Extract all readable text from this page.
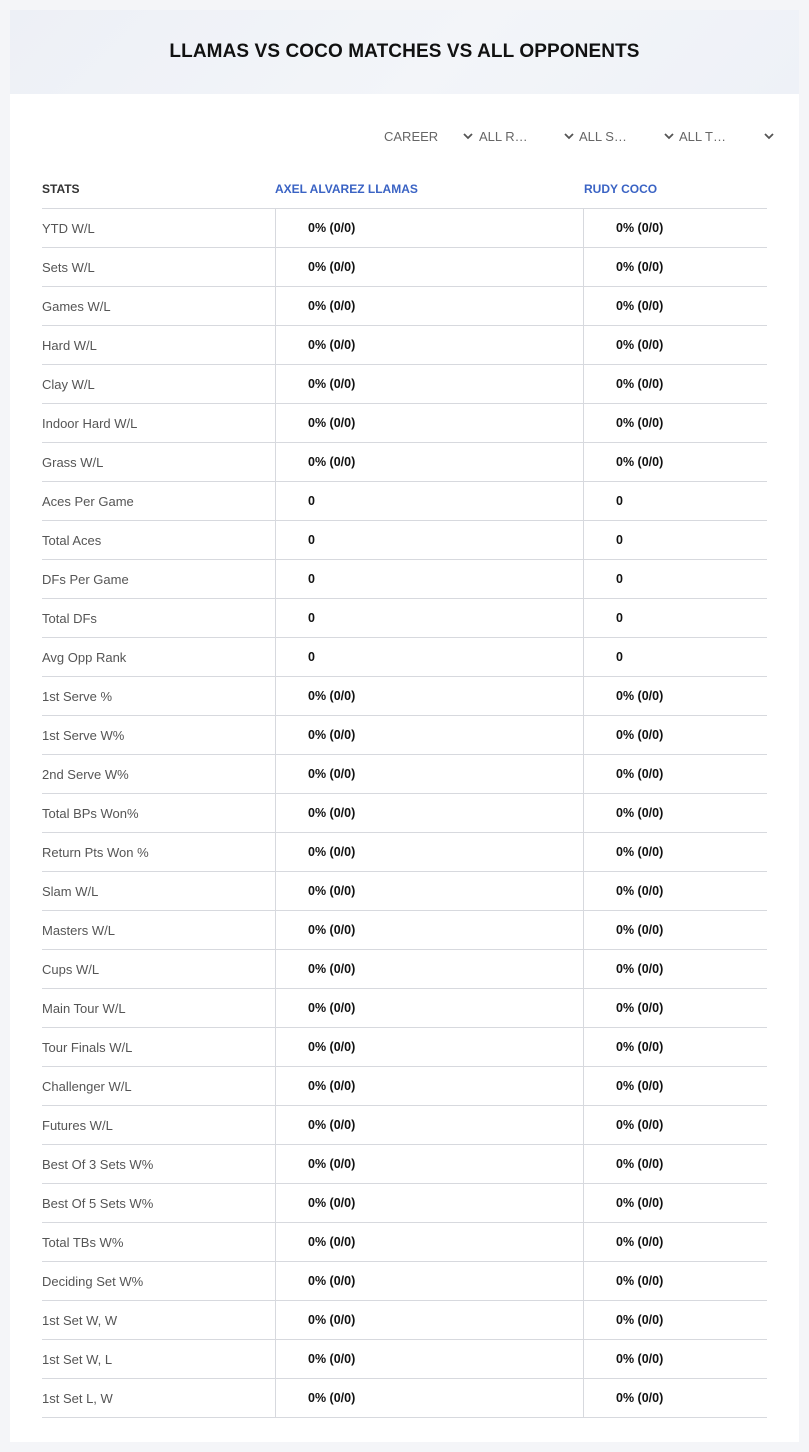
LLAMAS VS COCO MATCHES VS ALL OPPONENTS
CAREER	ALL R…	ALL S…	ALL T…
STATS	AXEL ALVAREZ LLAMAS	RUDY COCO
YTD W/L	0% (0/0)	0% (0/0)
Sets W/L	0% (0/0)	0% (0/0)
Games W/L	0% (0/0)	0% (0/0)
Hard W/L	0% (0/0)	0% (0/0)
Clay W/L	0% (0/0)	0% (0/0)
Indoor Hard W/L	0% (0/0)	0% (0/0)
Grass W/L	0% (0/0)	0% (0/0)
Aces Per Game	0	0
Total Aces	0	0
DFs Per Game	0	0
Total DFs	0	0
Avg Opp Rank	0	0
1st Serve %	0% (0/0)	0% (0/0)
1st Serve W%	0% (0/0)	0% (0/0)
2nd Serve W%	0% (0/0)	0% (0/0)
Total BPs Won%	0% (0/0)	0% (0/0)
Return Pts Won %	0% (0/0)	0% (0/0)
Slam W/L	0% (0/0)	0% (0/0)
Masters W/L	0% (0/0)	0% (0/0)
Cups W/L	0% (0/0)	0% (0/0)
Main Tour W/L	0% (0/0)	0% (0/0)
Tour Finals W/L	0% (0/0)	0% (0/0)
Challenger W/L	0% (0/0)	0% (0/0)
Futures W/L	0% (0/0)	0% (0/0)
Best Of 3 Sets W%	0% (0/0)	0% (0/0)
Best Of 5 Sets W%	0% (0/0)	0% (0/0)
Total TBs W%	0% (0/0)	0% (0/0)
Deciding Set W%	0% (0/0)	0% (0/0)
1st Set W, W	0% (0/0)	0% (0/0)
1st Set W, L	0% (0/0)	0% (0/0)
1st Set L, W	0% (0/0)	0% (0/0)
